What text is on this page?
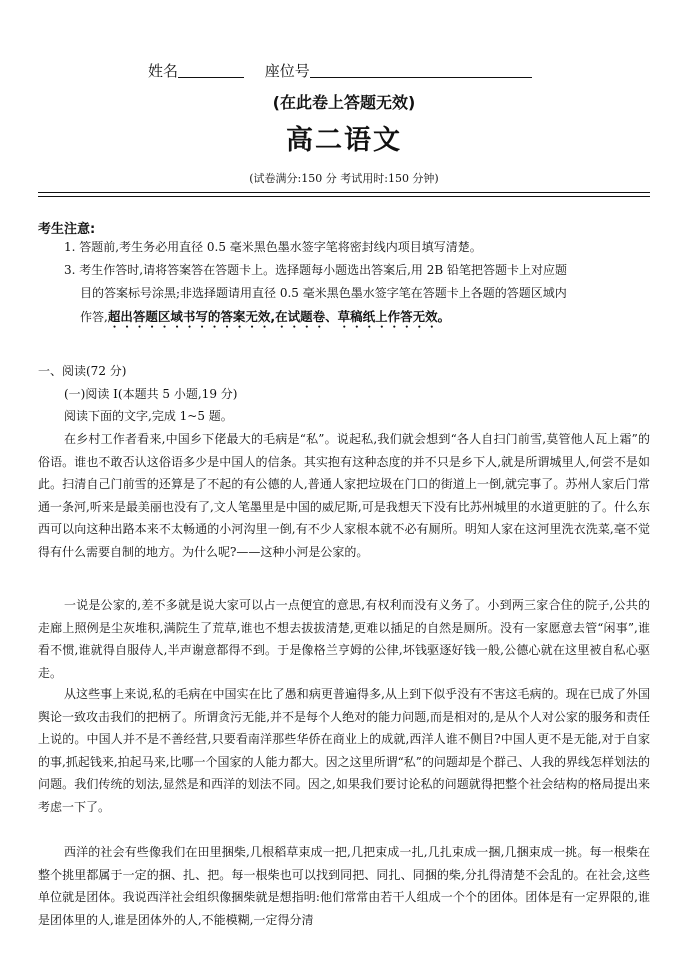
姓名	座位号
(在此卷上答题无效)
高二语文
(试卷满分:150 分 考试用时:150 分钟)
考生注意:
1. 答题前,考生务必用直径 0.5 毫米黑色墨水签字笔将密封线内项目填写清楚。
3. 考生作答时,请将答案答在答题卡上。选择题每小题选出答案后,用 2B 铅笔把答题卡上对应题
目的答案标号涂黑;非选择题请用直径 0.5 毫米黑色墨水签字笔在答题卡上各题的答题区域内
作答,超出答题区域书写的答案无效,在试题卷、草稿纸上作答无效。
一、阅读(72 分)
(一)阅读 I(本题共 5 小题,19 分)
阅读下面的文字,完成 1~5 题。

在乡村工作者看来,中国乡下佬最大的毛病是“私”。说起私,我们就会想到“各人自扫门前雪,莫管他人瓦上霜”的俗语。谁也不敢否认这俗语多少是中国人的信条。其实抱有这种态度的并不只是乡下人,就是所谓城里人,何尝不是如此。扫清自己门前雪的还算是了不起的有公德的人,普通人家把垃圾在门口的街道上一倒,就完事了。苏州人家后门常通一条河,听来是最美丽也没有了,文人笔墨里是中国的威尼斯,可是我想天下没有比苏州城里的水道更脏的了。什么东西可以向这种出路本来不太畅通的小河沟里一倒,有不少人家根本就不必有厕所。明知人家在这河里洗衣洗菜,毫不觉得有什么需要自制的地方。为什么呢?——这种小河是公家的。

一说是公家的,差不多就是说大家可以占一点便宜的意思,有权利而没有义务了。小到两三家合住的院子,公共的走廊上照例是尘灰堆积,满院生了荒草,谁也不想去拔拔清楚,更难以插足的自然是厕所。没有一家愿意去管“闲事”,谁看不惯,谁就得自服侍人,半声谢意都得不到。于是像格兰亨姆的公律,坏钱驱逐好钱一般,公德心就在这里被自私心驱走。

从这些事上来说,私的毛病在中国实在比了愚和病更普遍得多,从上到下似乎没有不害这毛病的。现在已成了外国舆论一致攻击我们的把柄了。所谓贪污无能,并不是每个人绝对的能力问题,而是相对的,是从个人对公家的服务和责任上说的。中国人并不是不善经营,只要看南洋那些华侨在商业上的成就,西洋人谁不侧目?中国人更不是无能,对于自家的事,抓起钱来,拍起马来,比哪一个国家的人能力都大。因之这里所谓“私”的问题却是个群己、人我的界线怎样划法的问题。我们传统的划法,显然是和西洋的划法不同。因之,如果我们要讨论私的问题就得把整个社会结构的格局提出来考虑一下了。

西洋的社会有些像我们在田里捆柴,几根稻草束成一把,几把束成一扎,几扎束成一捆,几捆束成一挑。每一根柴在整个挑里都属于一定的捆、扎、把。每一根柴也可以找到同把、同扎、同捆的柴,分扎得清楚不会乱的。在社会,这些单位就是团体。我说西洋社会组织像捆柴就是想指明:他们常常由若干人组成一个个的团体。团体是有一定界限的,谁是团体里的人,谁是团体外的人,不能模糊,一定得分清
